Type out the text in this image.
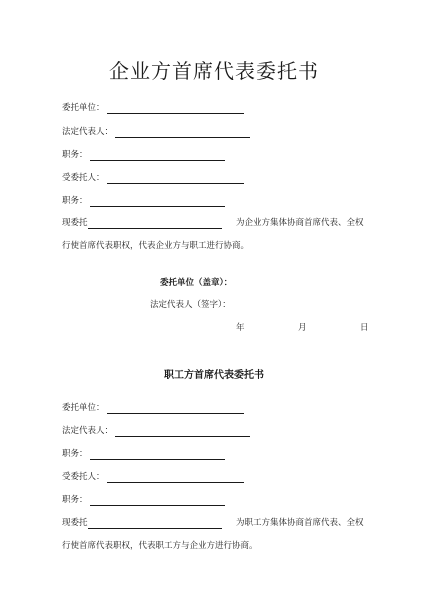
企业方首席代表委托书
委托单位：
法定代表人：
职务：
受委托人：
职务：
现委托	为企业方集体协商首席代表、全权
行使首席代表职权，代表企业方与职工进行协商。
委托单位（盖章）：
法定代表人（签字）：
年	月	日
职工方首席代表委托书
委托单位：
法定代表人：
职务：
受委托人：
职务：
现委托	为职工方集体协商首席代表、全权
行使首席代表职权，代表职工方与企业方进行协商。
